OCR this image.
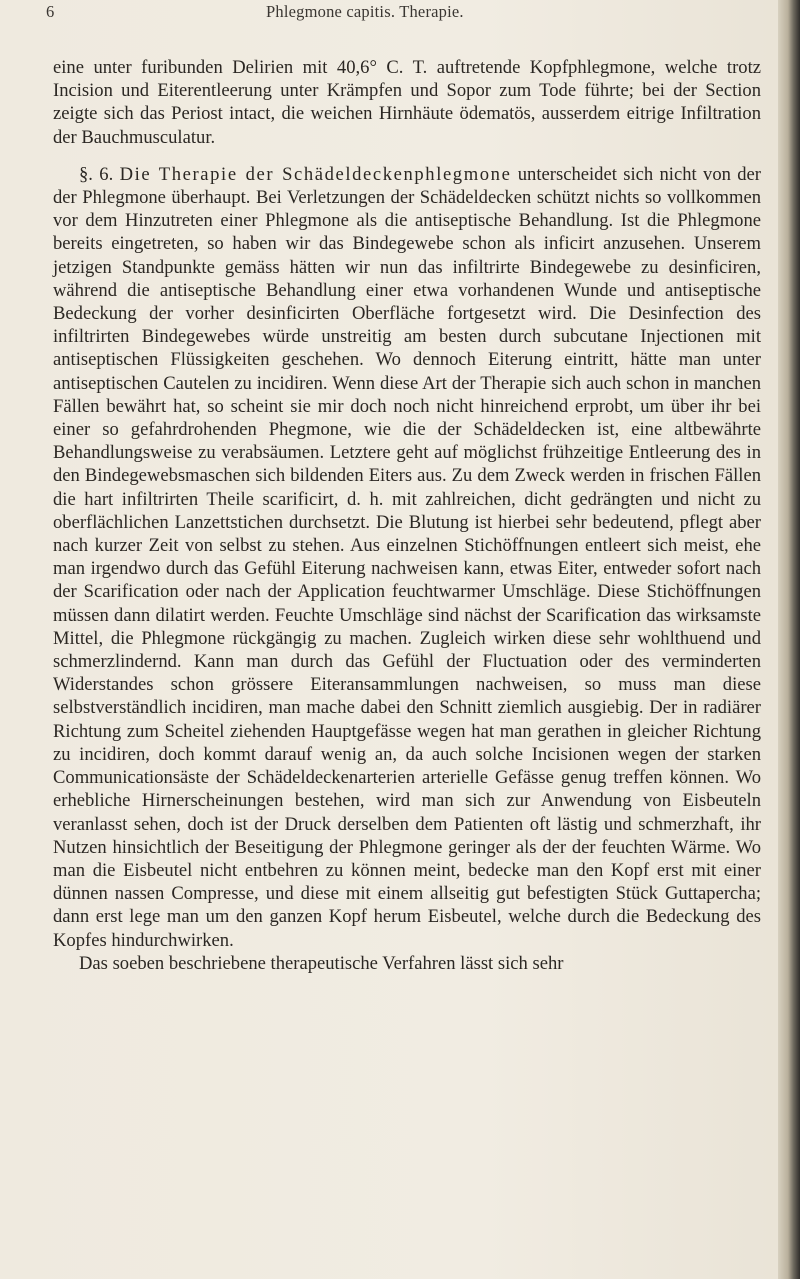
6	Phlegmone capitis. Therapie.

eine unter furibunden Delirien mit 40,6° C. T. auftretende Kopfphlegmone, welche trotz Incision und Eiterentleerung unter Krämpfen und Sopor zum Tode führte; bei der Section zeigte sich das Periost intact, die weichen Hirnhäute ödematös, ausserdem eitrige Infiltration der Bauchmusculatur.

§. 6. Die Therapie der Schädeldeckenphlegmone unterscheidet sich nicht von der der Phlegmone überhaupt. Bei Verletzungen der Schädeldecken schützt nichts so vollkommen vor dem Hinzutreten einer Phlegmone als die antiseptische Behandlung. Ist die Phlegmone bereits eingetreten, so haben wir das Bindegewebe schon als inficirt anzusehen. Unserem jetzigen Standpunkte gemäss hätten wir nun das infiltrirte Bindegewebe zu desinficiren, während die antiseptische Behandlung einer etwa vorhandenen Wunde und antiseptische Bedeckung der vorher desinficirten Oberfläche fortgesetzt wird. Die Desinfection des infiltrirten Bindegewebes würde unstreitig am besten durch subcutane Injectionen mit antiseptischen Flüssigkeiten geschehen. Wo dennoch Eiterung eintritt, hätte man unter antiseptischen Cautelen zu incidiren. Wenn diese Art der Therapie sich auch schon in manchen Fällen bewährt hat, so scheint sie mir doch noch nicht hinreichend erprobt, um über ihr bei einer so gefahrdrohenden Phegmone, wie die der Schädeldecken ist, eine altbewährte Behandlungsweise zu verabsäumen. Letztere geht auf möglichst frühzeitige Entleerung des in den Bindegewebsmaschen sich bildenden Eiters aus. Zu dem Zweck werden in frischen Fällen die hart infiltrirten Theile scarificirt, d. h. mit zahlreichen, dicht gedrängten und nicht zu oberflächlichen Lanzettstichen durchsetzt. Die Blutung ist hierbei sehr bedeutend, pflegt aber nach kurzer Zeit von selbst zu stehen. Aus einzelnen Stichöffnungen entleert sich meist, ehe man irgendwo durch das Gefühl Eiterung nachweisen kann, etwas Eiter, entweder sofort nach der Scarification oder nach der Application feuchtwarmer Umschläge. Diese Stichöffnungen müssen dann dilatirt werden. Feuchte Umschläge sind nächst der Scarification das wirksamste Mittel, die Phlegmone rückgängig zu machen. Zugleich wirken diese sehr wohlthuend und schmerzlindernd. Kann man durch das Gefühl der Fluctuation oder des verminderten Widerstandes schon grössere Eiteransammlungen nachweisen, so muss man diese selbstverständlich incidiren, man mache dabei den Schnitt ziemlich ausgiebig. Der in radiärer Richtung zum Scheitel ziehenden Hauptgefässe wegen hat man gerathen in gleicher Richtung zu incidiren, doch kommt darauf wenig an, da auch solche Incisionen wegen der starken Communicationsäste der Schädeldeckenarterien arterielle Gefässe genug treffen können. Wo erhebliche Hirnerscheinungen bestehen, wird man sich zur Anwendung von Eisbeuteln veranlasst sehen, doch ist der Druck derselben dem Patienten oft lästig und schmerzhaft, ihr Nutzen hinsichtlich der Beseitigung der Phlegmone geringer als der der feuchten Wärme. Wo man die Eisbeutel nicht entbehren zu können meint, bedecke man den Kopf erst mit einer dünnen nassen Compresse, und diese mit einem allseitig gut befestigten Stück Guttapercha; dann erst lege man um den ganzen Kopf herum Eisbeutel, welche durch die Bedeckung des Kopfes hindurchwirken.

Das soeben beschriebene therapeutische Verfahren lässt sich sehr
